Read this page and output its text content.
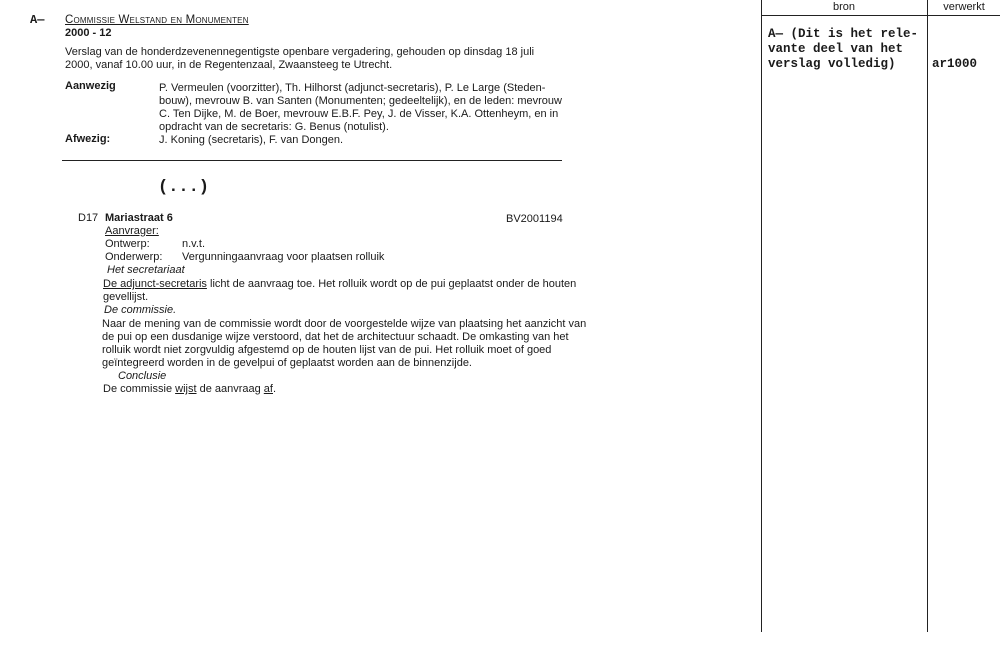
A— Commissie Welstand en Monumenten
2000 - 12
Verslag van de honderdzevenennegentigste openbare vergadering, gehouden op dinsdag 18 juli
2000, vanaf 10.00 uur, in de Regentenzaal, Zwaansteeg te Utrecht.
Aanwezig	P. Vermeulen (voorzitter), Th. Hilhorst (adjunct-secretaris), P. Le Large (Steden-
bouw), mevrouw B. van Santen (Monumenten; gedeeltelijk), en de leden: mevrouw
C. Ten Dijke, M. de Boer, mevrouw E.B.F. Pey, J. de Visser, K.A. Ottenheym, en in
opdracht van de secretaris: G. Benus (notulist).
Afwezig:	J. Koning (secretaris), F. van Dongen.
(...)
D17 Mariastraat 6	BV2001194
Aanvrager:
Ontwerp:	n.v.t.
Onderwerp: Vergunningaanvraag voor plaatsen rolluik
Het secretariaat
De adjunct-secretaris licht de aanvraag toe. Het rolluik wordt op de pui geplaatst onder de houten
gevellijst.
De commissie.
Naar de mening van de commissie wordt door de voorgestelde wijze van plaatsing het aanzicht van
de pui op een dusdanige wijze verstoord, dat het de architectuur schaadt. De omkasting van het
rolluik wordt niet zorgvuldig afgestemd op de houten lijst van de pui. Het rolluik moet of goed
geïntegreerd worden in de gevelpui of geplaatst worden aan de binnenzijde.
Conclusie
De commissie wijst de aanvraag af.
bron	verwerkt
A— (Dit is het rele-
vante deel van het
verslag volledig)	ar1000
